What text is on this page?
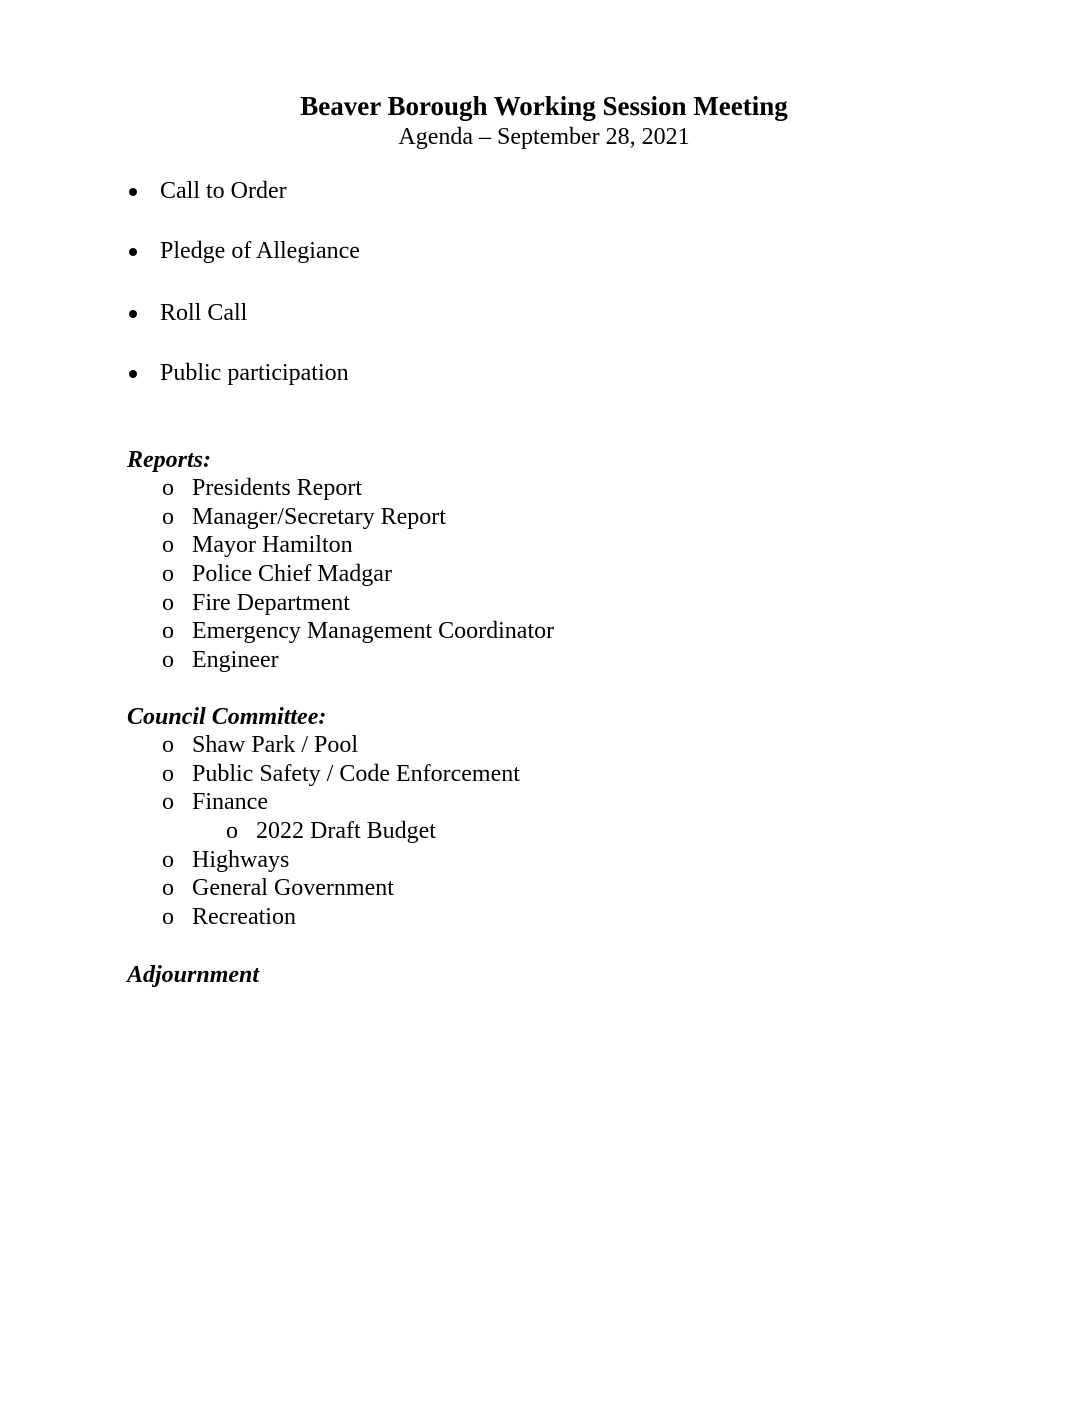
Beaver Borough Working Session Meeting
Agenda – September 28, 2021
Call to Order
Pledge of Allegiance
Roll Call
Public participation
Reports:
o Presidents Report
o Manager/Secretary Report
o Mayor Hamilton
o Police Chief Madgar
o Fire Department
o Emergency Management Coordinator
o Engineer
Council Committee:
o Shaw Park / Pool
o Public Safety / Code Enforcement
o Finance
o 2022 Draft Budget
o Highways
o General Government
o Recreation
Adjournment
